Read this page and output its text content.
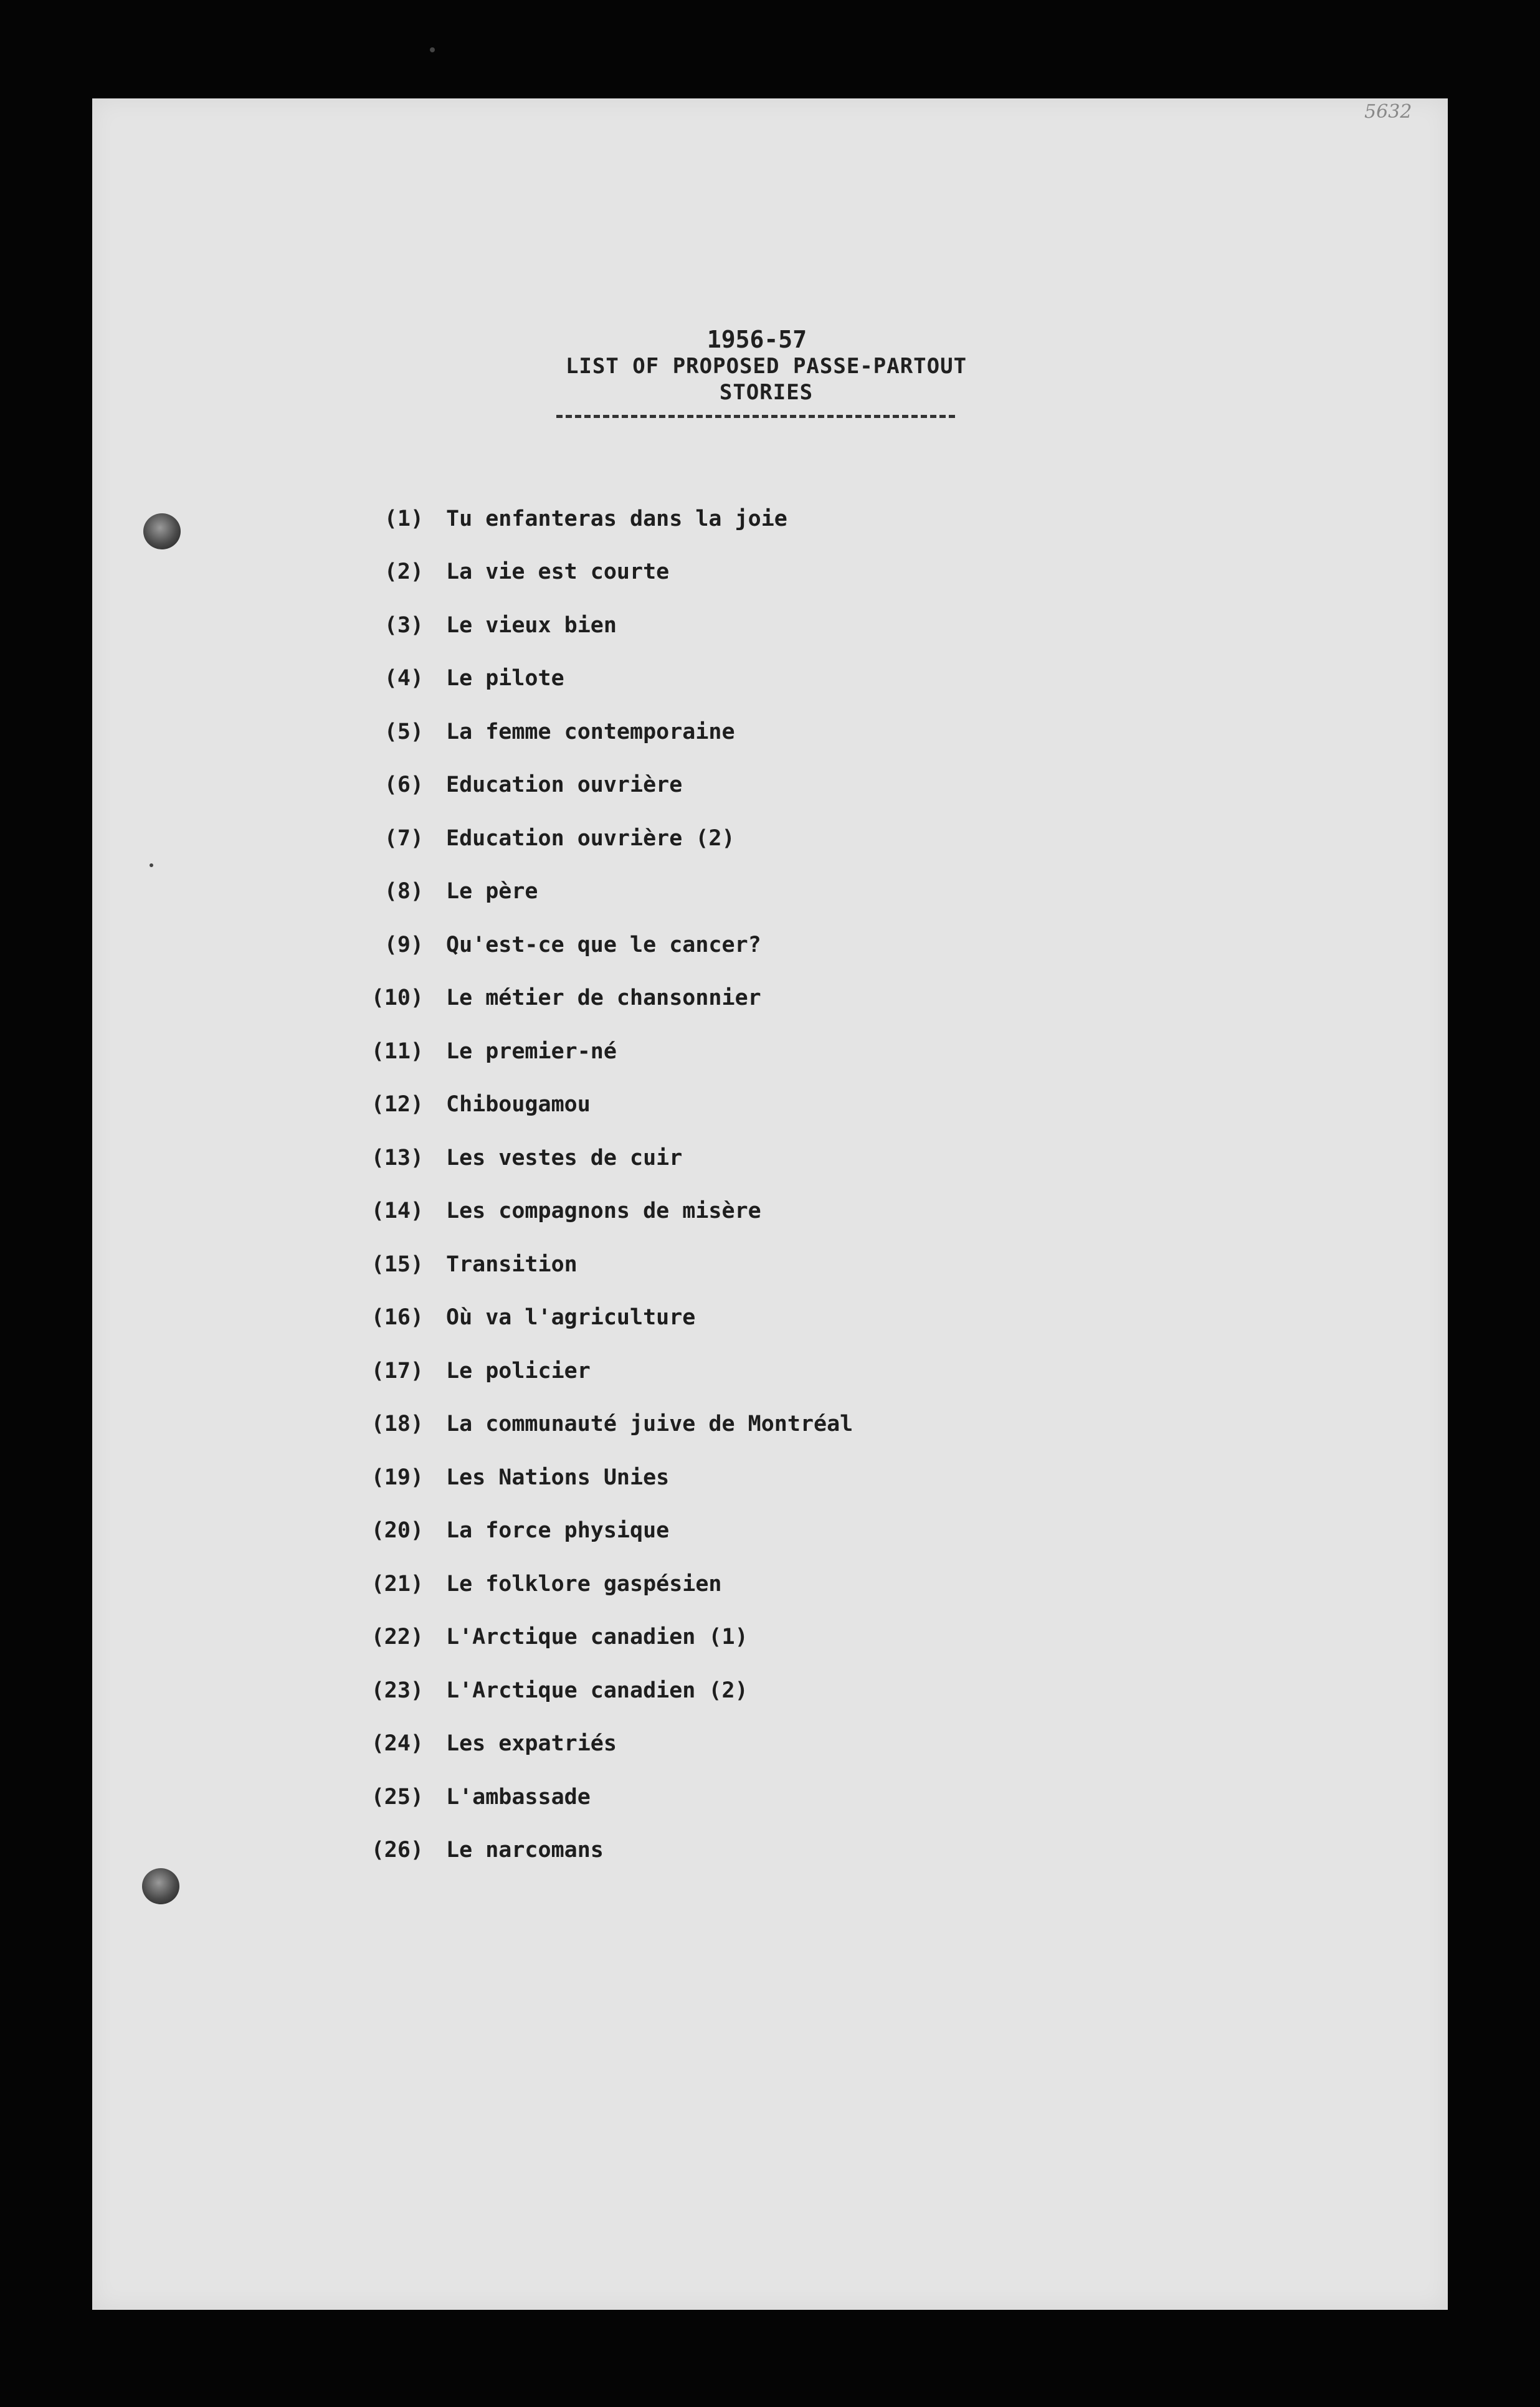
5632
1956-57
LIST OF PROPOSED PASSE-PARTOUT
STORIES
(1) Tu enfanteras dans la joie
(2) La vie est courte
(3) Le vieux bien
(4) Le pilote
(5) La femme contemporaine
(6) Education ouvrière
(7) Education ouvrière (2)
(8) Le père
(9) Qu'est-ce que le cancer?
(10) Le métier de chansonnier
(11) Le premier-né
(12) Chibougamou
(13) Les vestes de cuir
(14) Les compagnons de misère
(15) Transition
(16) Où va l'agriculture
(17) Le policier
(18) La communauté juive de Montréal
(19) Les Nations Unies
(20) La force physique
(21) Le folklore gaspésien
(22) L'Arctique canadien (1)
(23) L'Arctique canadien (2)
(24) Les expatriés
(25) L'ambassade
(26) Le narcomans
